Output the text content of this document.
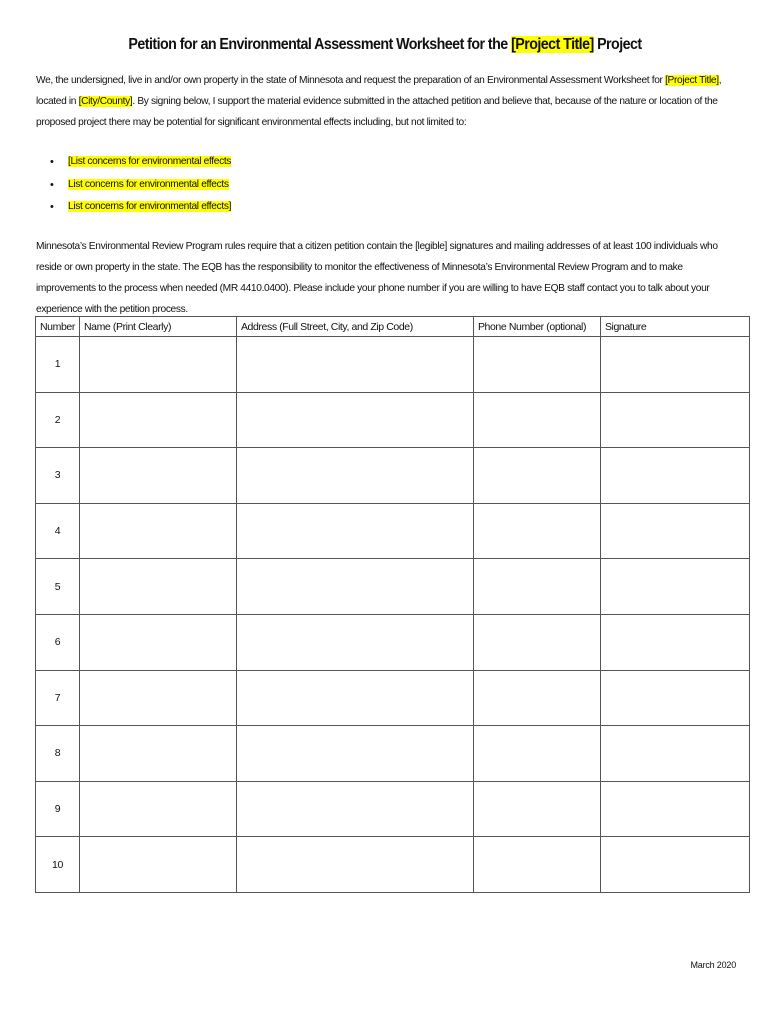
Petition for an Environmental Assessment Worksheet for the [Project Title] Project
We, the undersigned, live in and/or own property in the state of Minnesota and request the preparation of an Environmental Assessment Worksheet for [Project Title], located in [City/County]. By signing below, I support the material evidence submitted in the attached petition and believe that, because of the nature or location of the proposed project there may be potential for significant environmental effects including, but not limited to:
• [List concerns for environmental effects
• List concerns for environmental effects
• List concerns for environmental effects]
Minnesota’s Environmental Review Program rules require that a citizen petition contain the [legible] signatures and mailing addresses of at least 100 individuals who reside or own property in the state. The EQB has the responsibility to monitor the effectiveness of Minnesota’s Environmental Review Program and to make improvements to the process when needed (MR 4410.0400). Please include your phone number if you are willing to have EQB staff contact you to talk about your experience with the petition process.
Number	Name (Print Clearly)	Address (Full Street, City, and Zip Code)	Phone Number (optional)	Signature
1				
2				
3				
4				
5				
6				
7				
8				
9				
10				
March 2020
